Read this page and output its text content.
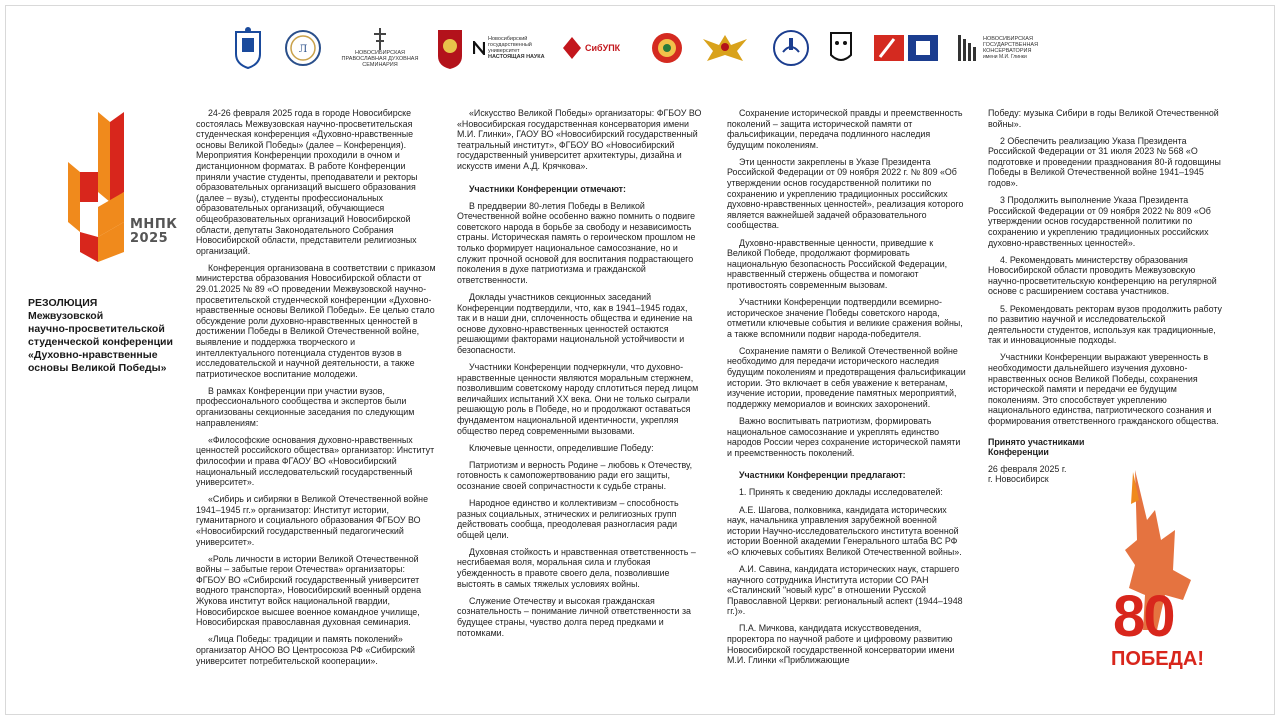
Л	НОВОСИБИРСКАЯ ПРАВОСЛАВНАЯ ДУХОВНАЯ СЕМИНАРИЯ
Новосибирский
государственный
университет
НАСТОЯЩАЯ НАУКА
СибУПК
НОВОСИБИРСКАЯ
ГОСУДАРСТВЕННАЯ
КОНСЕРВАТОРИЯ
имени М.И. Глинки
МНПК
2025
РЕЗОЛЮЦИЯ
Межвузовской
научно-просветительской
студенческой конференции
«Духовно-нравственные
основы Великой Победы»

24-26 февраля 2025 года в городе Новосибирске состоялась Межвузовская научно-просветительская студенческая конференция «Духовно-нравственные основы Великой Победы» (далее – Конференция). Мероприятия Конференции проходили в очном и дистанционном форматах. В работе Конференции приняли участие студенты, преподаватели и ректоры образовательных организаций высшего образования (далее – вузы), студенты профессиональных образовательных организаций, обучающиеся общеобразовательных организаций Новосибирской области, депутаты Законодательного Собрания Новосибирской области, представители религиозных организаций.

Конференция организована в соответствии с приказом министерства образования Новосибирской области от 29.01.2025 № 89 «О проведении Межвузовской научно-просветительской студенческой конференции «Духовно-нравственные основы Великой Победы». Ее целью стало обсуждение роли духовно-нравственных ценностей в достижении Победы в Великой Отечественной войне, выявление и поддержка творческого и интеллектуального потенциала студентов вузов в исследовательской и научной деятельности, а также патриотическое воспитание молодежи.

В рамках Конференции при участии вузов, профессионального сообщества и экспертов были организованы секционные заседания по следующим направлениям:

«Философские основания духовно-нравственных ценностей российского общества» организатор: Институт философии и права ФГАОУ ВО «Новосибирский национальный исследовательский государственный университет».

«Сибирь и сибиряки в Великой Отечественной войне 1941–1945 гг.» организатор: Институт истории, гуманитарного и социального образования ФГБОУ ВО «Новосибирский государственный педагогический университет».

«Роль личности в истории Великой Отечественной войны – забытые герои Отечества» организаторы: ФГБОУ ВО «Сибирский государственный университет водного транспорта», Новосибирский военный ордена Жукова институт войск национальной гвардии, Новосибирское высшее военное командное училище, Новосибирская православная духовная семинария.

«Лица Победы: традиции и память поколений» организатор АНОО ВО Центросоюза РФ «Сибирский университет потребительской кооперации».

«Искусство Великой Победы» организаторы: ФГБОУ ВО «Новосибирская государственная консерватория имени М.И. Глинки», ГАОУ ВО «Новосибирский государственный театральный институт», ФГБОУ ВО «Новосибирский государственный университет архитектуры, дизайна и искусств имени А.Д. Крячкова».

Участники Конференции отмечают:

В преддверии 80-летия Победы в Великой Отечественной войне особенно важно помнить о подвиге советского народа в борьбе за свободу и независимость страны. Историческая память о героическом прошлом не только формирует национальное самосознание, но и служит прочной основой для воспитания подрастающего поколения в духе патриотизма и гражданской ответственности.

Доклады участников секционных заседаний Конференции подтвердили, что, как в 1941–1945 годах, так и в наши дни, сплоченность общества и единение на основе духовно-нравственных ценностей остаются решающими факторами национальной устойчивости и безопасности.

Участники Конференции подчеркнули, что духовно-нравственные ценности являются моральным стержнем, позволившим советскому народу сплотиться перед лицом величайших испытаний XX века. Они не только сыграли решающую роль в Победе, но и продолжают оставаться фундаментом национальной идентичности, укрепляя общество перед современными вызовами.

Ключевые ценности, определившие Победу:

Патриотизм и верность Родине – любовь к Отечеству, готовность к самопожертвованию ради его защиты, осознание своей сопричастности к судьбе страны.

Народное единство и коллективизм – способность разных социальных, этнических и религиозных групп действовать сообща, преодолевая разногласия ради общей цели.

Духовная стойкость и нравственная ответственность – несгибаемая воля, моральная сила и глубокая убежденность в правоте своего дела, позволившие выстоять в самых тяжелых условиях войны.

Служение Отечеству и высокая гражданская сознательность – понимание личной ответственности за будущее страны, чувство долга перед предками и потомками.

Сохранение исторической правды и преемственность поколений – защита исторической памяти от фальсификации, передача подлинного наследия будущим поколениям.

Эти ценности закреплены в Указе Президента Российской Федерации от 09 ноября 2022 г. № 809 «Об утверждении основ государственной политики по сохранению и укреплению традиционных российских духовно-нравственных ценностей», реализация которого является важнейшей задачей образовательного сообщества.

Духовно-нравственные ценности, приведшие к Великой Победе, продолжают формировать национальную безопасность Российской Федерации, нравственный стержень общества и помогают противостоять современным вызовам.

Участники Конференции подтвердили всемирно-историческое значение Победы советского народа, отметили ключевые события и великие сражения войны, а также вспомнили подвиг народа-победителя.

Сохранение памяти о Великой Отечественной войне необходимо для передачи исторического наследия будущим поколениям и предотвращения фальсификации истории. Это включает в себя уважение к ветеранам, изучение истории, проведение памятных мероприятий, поддержку мемориалов и воинских захоронений.

Важно воспитывать патриотизм, формировать национальное самосознание и укреплять единство народов России через сохранение исторической памяти и преемственность поколений.

Участники Конференции предлагают:

1. Принять к сведению доклады исследователей:

А.Е. Шагова, полковника, кандидата исторических наук, начальника управления зарубежной военной истории Научно-исследовательского института военной истории Военной академии Генерального штаба ВС РФ «О ключевых событиях Великой Отечественной войны».

А.И. Савина, кандидата исторических наук, старшего научного сотрудника Института истории СО РАН «Сталинский "новый курс" в отношении Русской Православной Церкви: региональный аспект (1944–1948 гг.)».

П.А. Мичкова, кандидата искусствоведения, проректора по научной работе и цифровому развитию Новосибирской государственной консерватории имени М.И. Глинки «Приближающие

Победу: музыка Сибири в годы Великой Отечественной войны».

2 Обеспечить реализацию Указа Президента Российской Федерации от 31 июля 2023 № 568 «О подготовке и проведении празднования 80-й годовщины Победы в Великой Отечественной войне 1941–1945 годов».

3 Продолжить выполнение Указа Президента Российской Федерации от 09 ноября 2022 № 809 «Об утверждении основ государственной политики по сохранению и укреплению традиционных российских духовно-нравственных ценностей».

4. Рекомендовать министерству образования Новосибирской области проводить Межвузовскую научно-просветительскую конференцию на регулярной основе с расширением состава участников.

5. Рекомендовать ректорам вузов продолжить работу по развитию научной и исследовательской деятельности студентов, используя как традиционные, так и инновационные подходы.

Участники Конференции выражают уверенность в необходимости дальнейшего изучения духовно-нравственных основ Великой Победы, сохранения исторической памяти и передачи ее будущим поколениям. Это способствует укреплению национального единства, патриотического сознания и формирования ответственного гражданского общества.

Принято участниками
Конференции
26 февраля 2025 г.
г. Новосибирск
80
ПОБЕДА!
